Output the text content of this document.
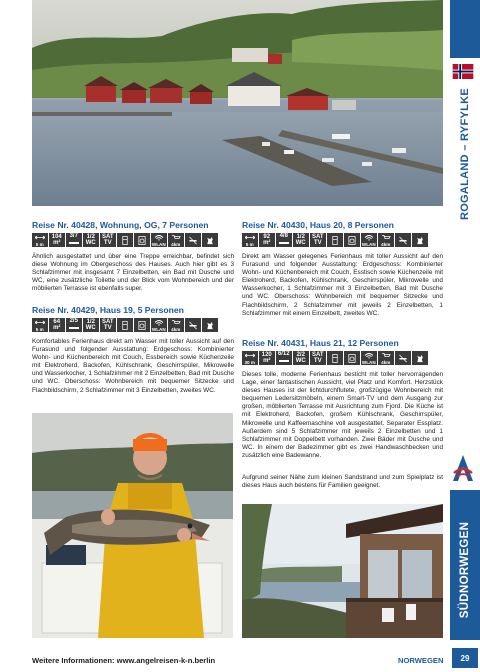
Reise Nr. 40428, Wohnung, OG, 7 Personen
5 m
104 m²
3/7	1/2 WC
SAT TV	WLAN 4km
Ähnlich ausgestattet und über eine Treppe erreichbar, befindet sich diese Wohnung im Obergeschoss des Hauses. Auch hier gibt es 3 Schlafzimmer mit insgesamt 7 Einzelbetten, ein Bad mit Dusche und WC, eine zusätzliche Toilette und der Blick vom Wohnbereich und der möblierten Terrasse ist ebenfalls super.
Reise Nr. 40429, Haus 19, 5 Personen
5 m
64 m²
2/5	1/2 WC
SAT TV	WLAN 4km
Komfortables Ferienhaus direkt am Wasser mit toller Aussicht auf den Furasund und folgender Ausstattung: Erdgeschoss: Kombinierter Wohn- und Küchenbereich mit Couch, Essbereich sowie Küchenzeile mit Elektroherd, Backofen, Kühlschrank, Geschirrspüler, Mikrowelle und Wasserkocher, 1 Schlafzimmer mit 2 Einzelbetten, Bad mit Dusche und WC. Oberschoss: Wohnbereich mit bequemer Sitzecke und Flachbildschirm, 2 Schlafzimmer mit 3 Einzelbetten, zweites WC.
Reise Nr. 40430, Haus 20, 8 Personen
5 m
92 m²
4/8	1/2 WC
SAT TV	WLAN 4km
Direkt am Wasser gelegenes Ferienhaus mit toller Aussicht auf den Furasund und folgender Ausstattung: Erdgeschoss: Kombinierter Wohn- und Küchenbereich mit Couch, Esstisch sowie Küchenzeile mit Elektroherd, Backofen, Kühlschrank, Geschirrspüler, Mikrowelle und Wasserkocher, 1 Schlafzimmer mit 3 Einzelbetten, Bad mit Dusche und WC. Oberschoss: Wohnbereich mit bequemer Sitzecke und Flachbildschirm, 2 Schlafzimmer mit jeweils 2 Einzelbetten, 1 Schlafzimmer mit einem Einzelbett, zweites WC.
Reise Nr. 40431, Haus 21, 12 Personen
30 m
120 m²
6/12	2/2 WC
SAT TV	WLAN 4km
Dieses tolle, moderne Ferienhaus besticht mit toller hervorragenden Lage, einer fantastischen Aussicht, viel Platz und Komfort. Herzstück dieses Hauses ist der lichtdurchflutete, großzügige Wohnbereich mit bequemen Ledersitzmöbeln, einem Smart-TV und dem Ausgang zur großen, möblierten Terrasse mit Ausrichtung zum Fjord. Die Küche ist mit Elektroherd, Backofen, großem Kühlschrank, Geschirrspüler, Mikrowelle und Kaffeemaschine voll ausgestattet. Separater Essplatz. Außerdem sind 5 Schlafzimmer mit jeweils 2 Einzelbetten und 1 Schlafzimmer mit Doppelbett vorhanden. Zwei Bäder mit Dusche und WC. In einem der Badezimmer gibt es zwei Handwaschbecken und zusätzlich eine Badewanne.
Aufgrund seiner Nähe zum kleinen Sandstrand und zum Spielplatz ist dieses Haus auch bestens für Familien geeignet.
ROGALAND – RYFYLKE
SÜDNORWEGEN
Weitere Informationen: www.angelreisen-k-n.berlin	NORWEGEN	29
